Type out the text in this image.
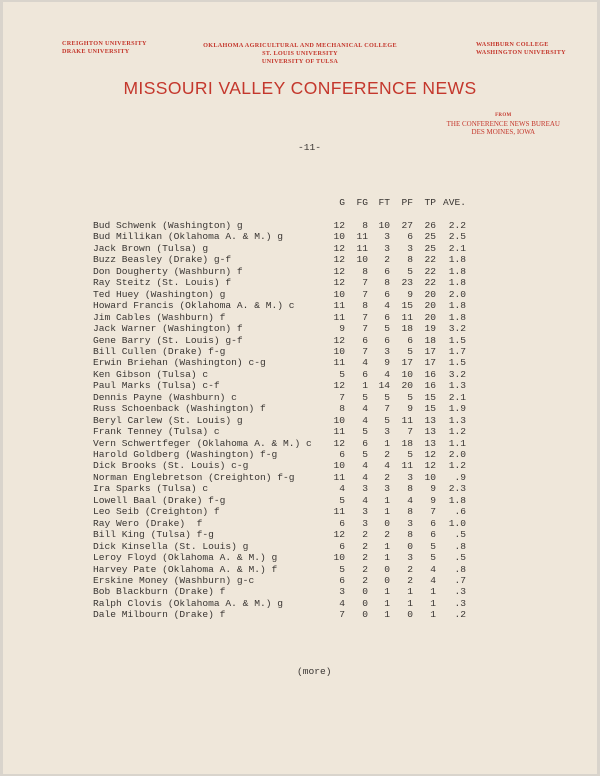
CREIGHTON UNIVERSITY
DRAKE UNIVERSITY
OKLAHOMA AGRICULTURAL AND MECHANICAL COLLEGE
ST. LOUIS UNIVERSITY
UNIVERSITY OF TULSA
WASHBURN COLLEGE
WASHINGTON UNIVERSITY
MISSOURI VALLEY CONFERENCE NEWS
FROM
THE CONFERENCE NEWS BUREAU
DES MOINES, IOWA
-11-
G	FG	FT	PF	TP AVE.
Bud Schwenk (Washington) g	12	8	10	27	26	2.2
Bud Millikan (Oklahoma A. & M.) g	10	11	3	6	25	2.5
Jack Brown (Tulsa) g	12	11	3	3	25	2.1
Buzz Beasley (Drake) g-f	12	10	2	8	22	1.8
Don Dougherty (Washburn) f	12	8	6	5	22	1.8
Ray Steitz (St. Louis) f	12	7	8	23	22	1.8
Ted Huey (Washington) g	10	7	6	9	20	2.0
Howard Francis (Oklahoma A. & M.) c	11	8	4	15	20	1.8
Jim Cables (Washburn) f	11	7	6	11	20	1.8
Jack Warner (Washington) f	9	7	5	18	19	3.2
Gene Barry (St. Louis) g-f	12	6	6	6	18	1.5
Bill Cullen (Drake) f-g	10	7	3	5	17	1.7
Erwin Briehan (Washington) c-g	11	4	9	17	17	1.5
Ken Gibson (Tulsa) c	5	6	4	10	16	3.2
Paul Marks (Tulsa) c-f	12	1	14	20	16	1.3
Dennis Payne (Washburn) c	7	5	5	5	15	2.1
Russ Schoenback (Washington) f	8	4	7	9	15	1.9
Beryl Carlew (St. Louis) g	10	4	5	11	13	1.3
Frank Tenney (Tulsa) c	11	5	3	7	13	1.2
Vern Schwertfeger (Oklahoma A. & M.) c	12	6	1	18	13	1.1
Harold Goldberg (Washington) f-g	6	5	2	5	12	2.0
Dick Brooks (St. Louis) c-g	10	4	4	11	12	1.2
Norman Englebretson (Creighton) f-g	11	4	2	3	10	.9
Ira Sparks (Tulsa) c	4	3	3	8	9	2.3
Lowell Baal (Drake) f-g	5	4	1	4	9	1.8
Leo Seib (Creighton) f	11	3	1	8	7	.6
Ray Wero (Drake)  f	6	3	0	3	6	1.0
Bill King (Tulsa) f-g	12	2	2	8	6	.5
Dick Kinsella (St. Louis) g	6	2	1	0	5	.8
Leroy Floyd (Oklahoma A. & M.) g	10	2	1	3	5	.5
Harvey Pate (Oklahoma A. & M.) f	5	2	0	2	4	.8
Erskine Money (Washburn) g-c	6	2	0	2	4	.7
Bob Blackburn (Drake) f	3	0	1	1	1	.3
Ralph Clovis (Oklahoma A. & M.) g	4	0	1	1	1	.3
Dale Milbourn (Drake) f	7	0	1	0	1	.2
(more)
